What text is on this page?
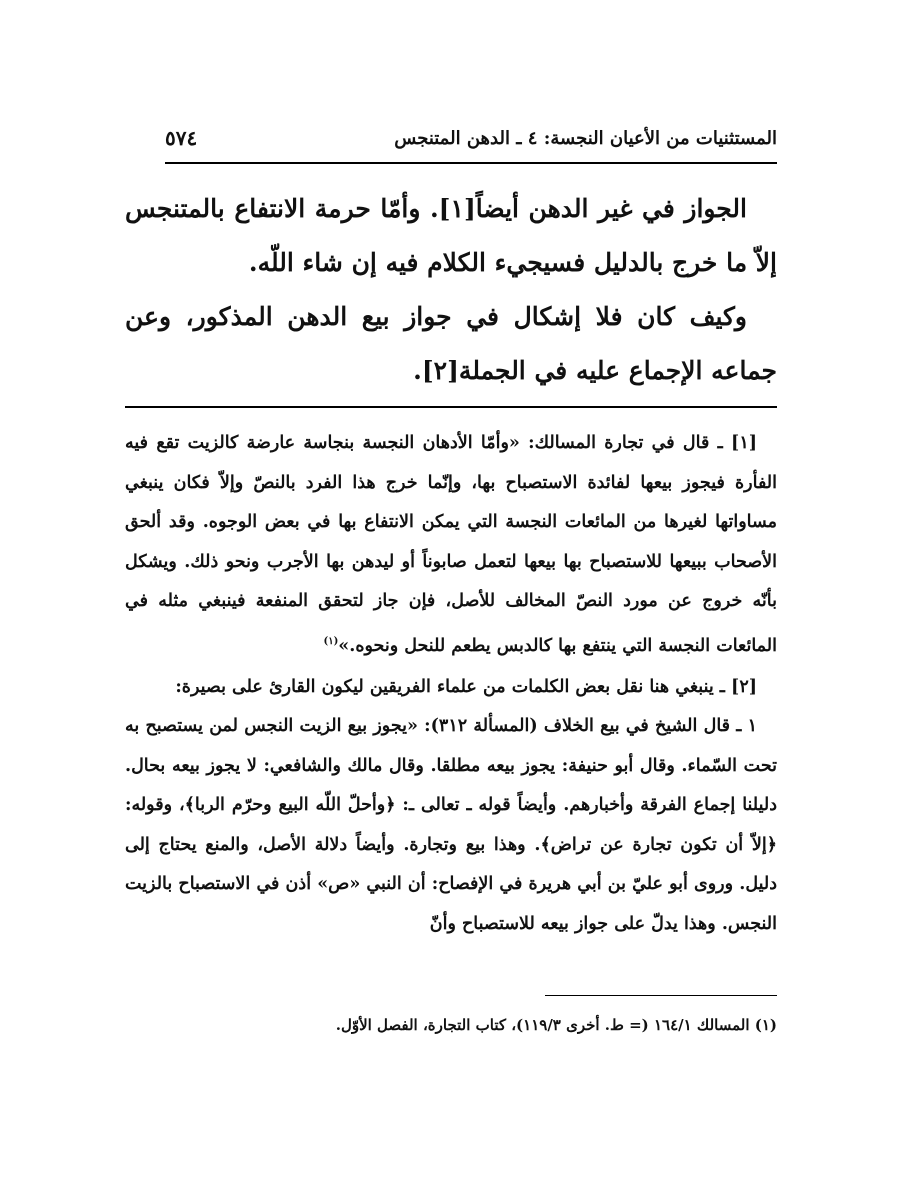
٥٧٤	المستثنيات من الأعيان النجسة: ٤ ـ الدهن المتنجس

الجواز في غير الدهن أيضاً[١]. وأمّا حرمة الانتفاع بالمتنجس إلاّ ما خرج بالدليل فسيجيء الكلام فيه إن شاء اللّه.

وكيف كان فلا إشكال في جواز بيع الدهن المذكور، وعن جماعه الإجماع عليه في الجملة[٢].

[١] ـ قال في تجارة المسالك: «وأمّا الأدهان النجسة بنجاسة عارضة كالزيت تقع فيه الفأرة فيجوز بيعها لفائدة الاستصباح بها، وإنّما خرج هذا الفرد بالنصّ وإلاّ فكان ينبغي مساواتها لغيرها من المائعات النجسة التي يمكن الانتفاع بها في بعض الوجوه. وقد ألحق الأصحاب ببيعها للاستصباح بها بيعها لتعمل صابوناً أو ليدهن بها الأجرب ونحو ذلك. ويشكل بأنّه خروج عن مورد النصّ المخالف للأصل، فإن جاز لتحقق المنفعة فينبغي مثله في المائعات النجسة التي ينتفع بها كالدبس يطعم للنحل ونحوه.»$^{(١)}$

[٢] ـ ينبغي هنا نقل بعض الكلمات من علماء الفريقين ليكون القارئ على بصيرة:

١ ـ قال الشيخ في بيع الخلاف (المسألة ٣١٢): «يجوز بيع الزيت النجس لمن يستصبح به تحت السّماء. وقال أبو حنيفة: يجوز بيعه مطلقا. وقال مالك والشافعي: لا يجوز بيعه بحال. دليلنا إجماع الفرقة وأخبارهم. وأيضاً قوله ـ تعالى ـ: ﴿وأحلّ اللّه البيع وحرّم الربا﴾، وقوله: ﴿إلاّ أن تكون تجارة عن تراض﴾. وهذا بيع وتجارة. وأيضاً دلالة الأصل، والمنع يحتاج إلى دليل. وروى أبو عليّ بن أبي هريرة في الإفصاح: أن النبي «ص» أذن في الاستصباح بالزيت النجس. وهذا يدلّ على جواز بيعه للاستصباح وأنّ

(١) المسالك ١٦٤/١ (= ط. أخرى ١١٩/٣)، كتاب التجارة، الفصل الأوّل.
